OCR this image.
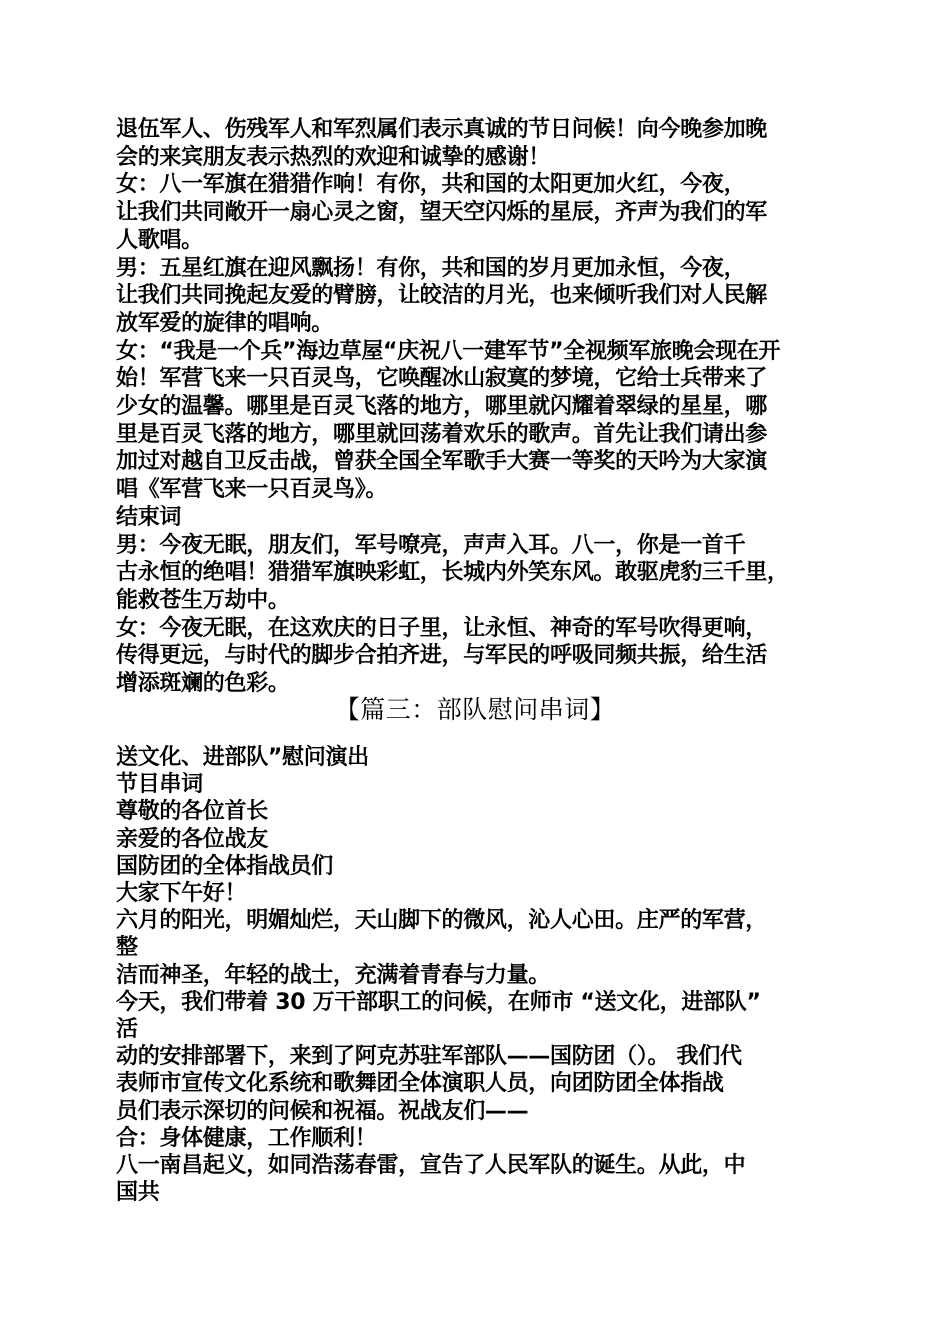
退伍军人、伤残军人和军烈属们表示真诚的节日问候！向今晚参加晚
会的来宾朋友表示热烈的欢迎和诚挚的感谢！
女：八一军旗在猎猎作响！有你，共和国的太阳更加火红，今夜，
让我们共同敞开一扇心灵之窗，望天空闪烁的星辰，齐声为我们的军
人歌唱。
男：五星红旗在迎风飘扬！有你，共和国的岁月更加永恒，今夜，
让我们共同挽起友爱的臂膀，让皎洁的月光，也来倾听我们对人民解
放军爱的旋律的唱响。
女：“我是一个兵”海边草屋“庆祝八一建军节”全视频军旅晚会现在开
始！军营飞来一只百灵鸟，它唤醒冰山寂寞的梦境，它给士兵带来了
少女的温馨。哪里是百灵飞落的地方，哪里就闪耀着翠绿的星星，哪
里是百灵飞落的地方，哪里就回荡着欢乐的歌声。首先让我们请出参
加过对越自卫反击战，曾获全国全军歌手大赛一等奖的天吟为大家演
唱《军营飞来一只百灵鸟》。
结束词
男：今夜无眠，朋友们，军号嘹亮，声声入耳。八一，你是一首千
古永恒的绝唱！猎猎军旗映彩虹，长城内外笑东风。敢驱虎豹三千里，
能救苍生万劫中。
女：今夜无眠，在这欢庆的日子里，让永恒、神奇的军号吹得更响，
传得更远，与时代的脚步合拍齐进，与军民的呼吸同频共振，给生活
增添斑斓的色彩。
【篇三：部队慰问串词】
送文化、进部队”慰问演出
节目串词
尊敬的各位首长
亲爱的各位战友
国防团的全体指战员们
大家下午好！
六月的阳光，明媚灿烂，天山脚下的微风，沁人心田。庄严的军营，
整
洁而神圣，年轻的战士，充满着青春与力量。
今天，我们带着 30 万干部职工的问候，在师市 “送文化，进部队”
活
动的安排部署下，来到了阿克苏驻军部队——国防团（）。 我们代
表师市宣传文化系统和歌舞团全体演职人员，向团防团全体指战
员们表示深切的问候和祝福。祝战友们——
合：身体健康，工作顺利！
八一南昌起义，如同浩荡春雷，宣告了人民军队的诞生。从此，中
国共
